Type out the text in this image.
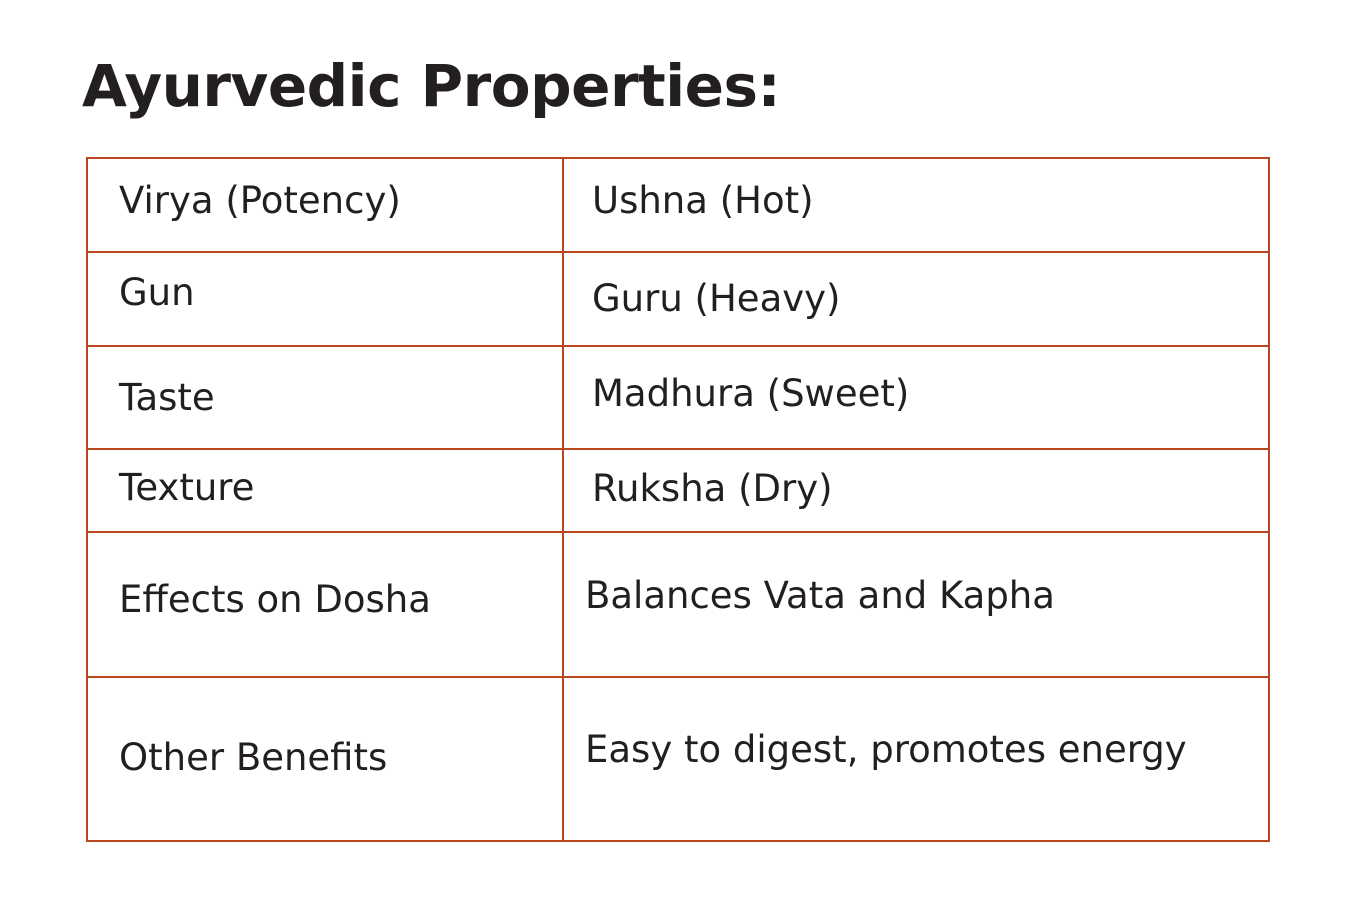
Ayurvedic Properties:
Virya (Potency)	Ushna (Hot)

Gun	Guru (Heavy)

Taste	Madhura (Sweet)

Texture	Ruksha (Dry)

Effects on Dosha	Balances Vata and Kapha

Other Benefits	Easy to digest, promotes energy
